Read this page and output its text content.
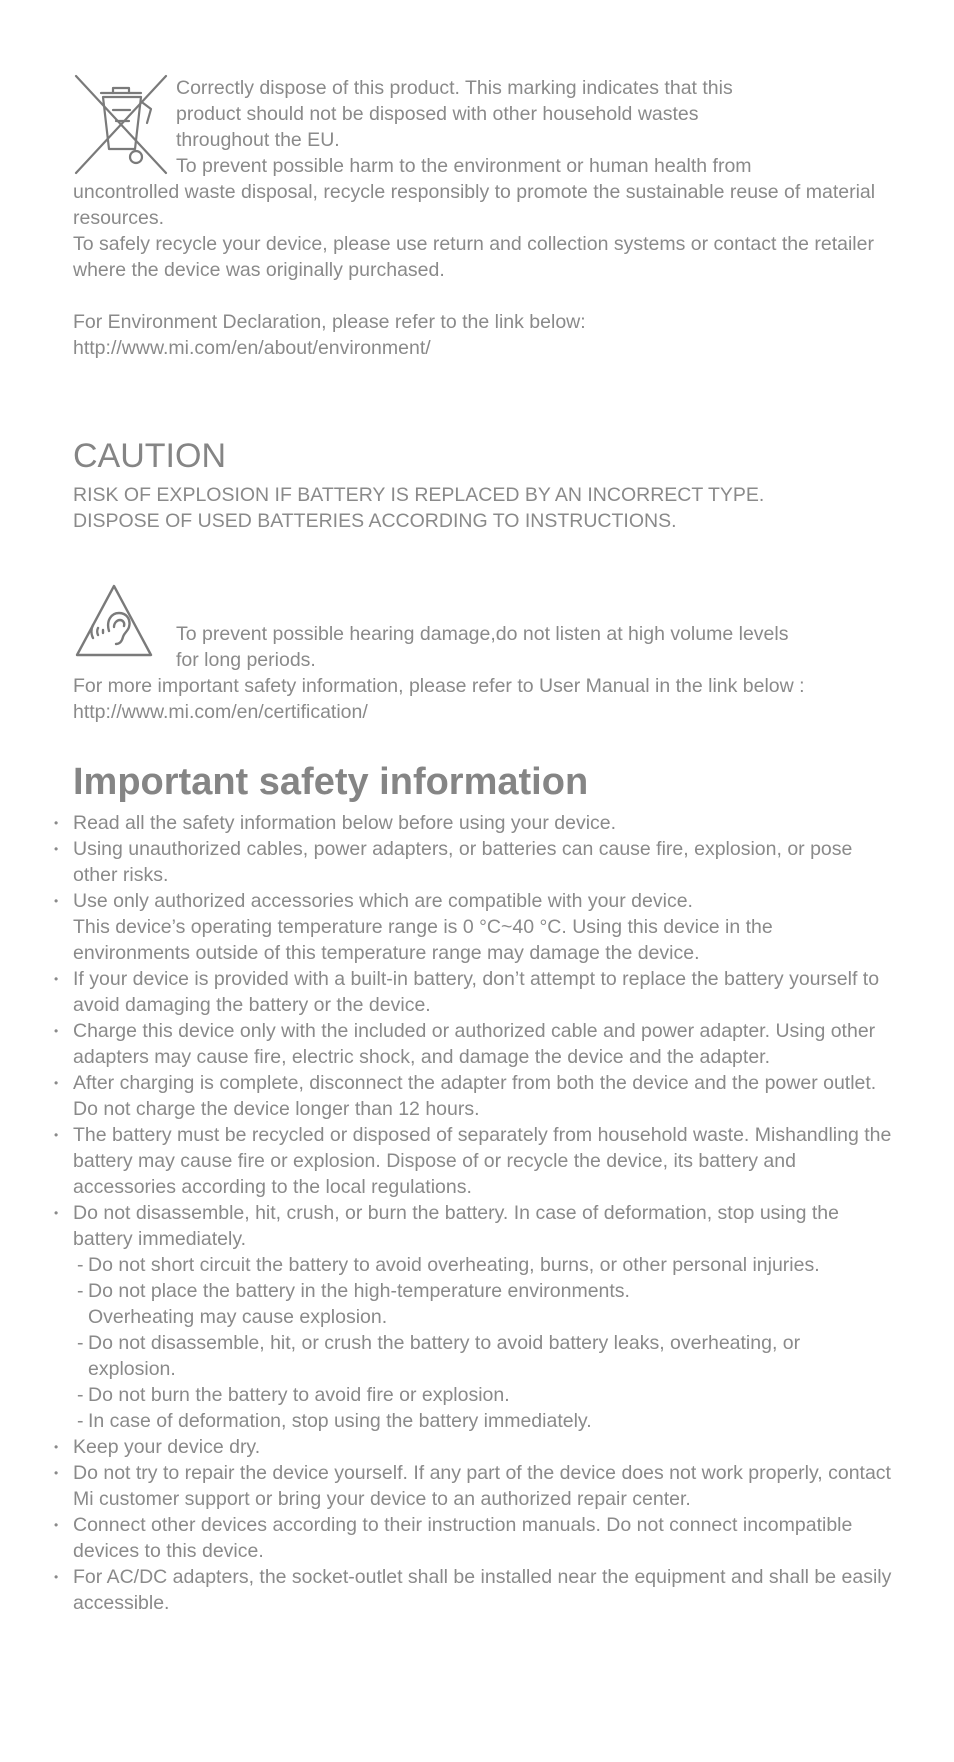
Correctly dispose of this product. This marking indicates that this

product should not be disposed with other household wastes

throughout the EU.

To prevent possible harm to the environment or human health from

uncontrolled waste disposal, recycle responsibly to promote the sustainable reuse of material resources.

To safely recycle your device, please use return and collection systems or contact the retailer where the device was originally purchased.

For Environment Declaration, please refer to the link below:

http://www.mi.com/en/about/environment/

CAUTION

RISK OF EXPLOSION IF BATTERY IS REPLACED BY AN INCORRECT TYPE.

DISPOSE OF USED BATTERIES ACCORDING TO INSTRUCTIONS.

To prevent possible hearing damage,do not listen at high volume levels

for long periods.

For more important safety information, please refer to User Manual in the link below :

http://www.mi.com/en/certification/

Important safety information
• Read all the safety information below before using your device.
• Using unauthorized cables, power adapters, or batteries can cause fire, explosion, or pose other risks.
• Use only authorized accessories which are compatible with your device.
This device’s operating temperature range is 0 °C~40 °C. Using this device in the environments outside of this temperature range may damage the device.
• If your device is provided with a built-in battery, don’t attempt to replace the battery yourself to avoid damaging the battery or the device.
• Charge this device only with the included or authorized cable and power adapter. Using other adapters may cause fire, electric shock, and damage the device and the adapter.
• After charging is complete, disconnect the adapter from both the device and the power outlet. Do not charge the device longer than 12 hours.
• The battery must be recycled or disposed of separately from household waste. Mishandling the battery may cause fire or explosion. Dispose of or recycle the device, its battery and accessories according to the local regulations.
• Do not disassemble, hit, crush, or burn the battery. In case of deformation, stop using the battery immediately.
- Do not short circuit the battery to avoid overheating, burns, or other personal injuries.
- Do not place the battery in the high-temperature environments.
Overheating may cause explosion.
- Do not disassemble, hit, or crush the battery to avoid battery leaks, overheating, or explosion.
- Do not burn the battery to avoid fire or explosion.
- In case of deformation, stop using the battery immediately.
• Keep your device dry.
• Do not try to repair the device yourself. If any part of the device does not work properly, contact Mi customer support or bring your device to an authorized repair center.
• Connect other devices according to their instruction manuals. Do not connect incompatible devices to this device.
• For AC/DC adapters, the socket-outlet shall be installed near the equipment and shall be easily accessible.
